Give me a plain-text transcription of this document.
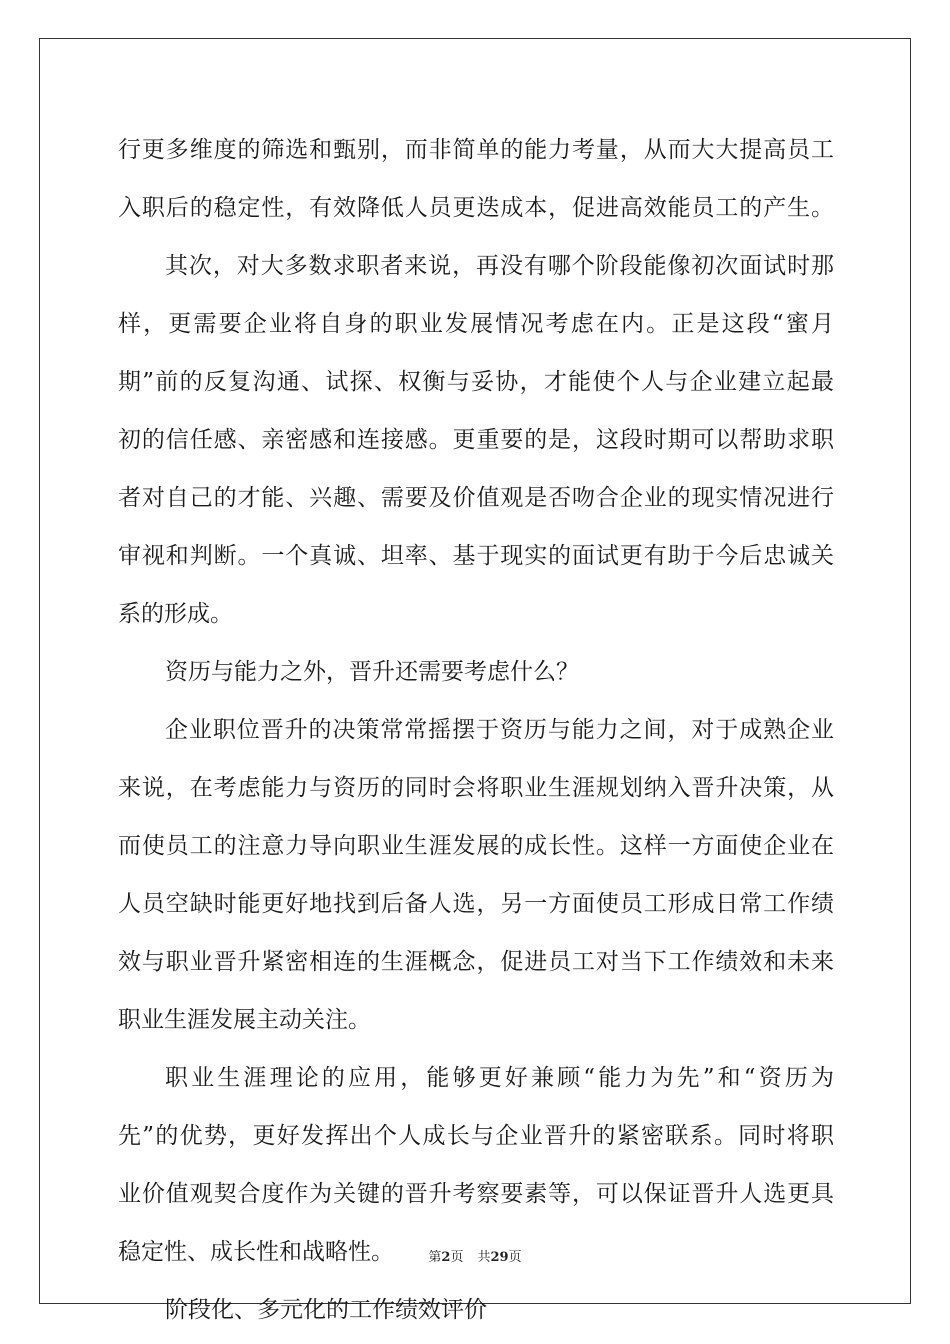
行更多维度的筛选和甄别，而非简单的能力考量，从而大大提高员工
入职后的稳定性，有效降低人员更迭成本，促进高效能员工的产生。
其次，对大多数求职者来说，再没有哪个阶段能像初次面试时那
样，更需要企业将自身的职业发展情况考虑在内。正是这段“蜜月
期”前的反复沟通、试探、权衡与妥协，才能使个人与企业建立起最
初的信任感、亲密感和连接感。更重要的是，这段时期可以帮助求职
者对自己的才能、兴趣、需要及价值观是否吻合企业的现实情况进行
审视和判断。一个真诚、坦率、基于现实的面试更有助于今后忠诚关
系的形成。
资历与能力之外，晋升还需要考虑什么？
企业职位晋升的决策常常摇摆于资历与能力之间，对于成熟企业
来说，在考虑能力与资历的同时会将职业生涯规划纳入晋升决策，从
而使员工的注意力导向职业生涯发展的成长性。这样一方面使企业在
人员空缺时能更好地找到后备人选，另一方面使员工形成日常工作绩
效与职业晋升紧密相连的生涯概念，促进员工对当下工作绩效和未来
职业生涯发展主动关注。
职业生涯理论的应用，能够更好兼顾“能力为先”和“资历为
先”的优势，更好发挥出个人成长与企业晋升的紧密联系。同时将职
业价值观契合度作为关键的晋升考察要素等，可以保证晋升人选更具
稳定性、成长性和战略性。
阶段化、多元化的工作绩效评价
第2页 共29页
